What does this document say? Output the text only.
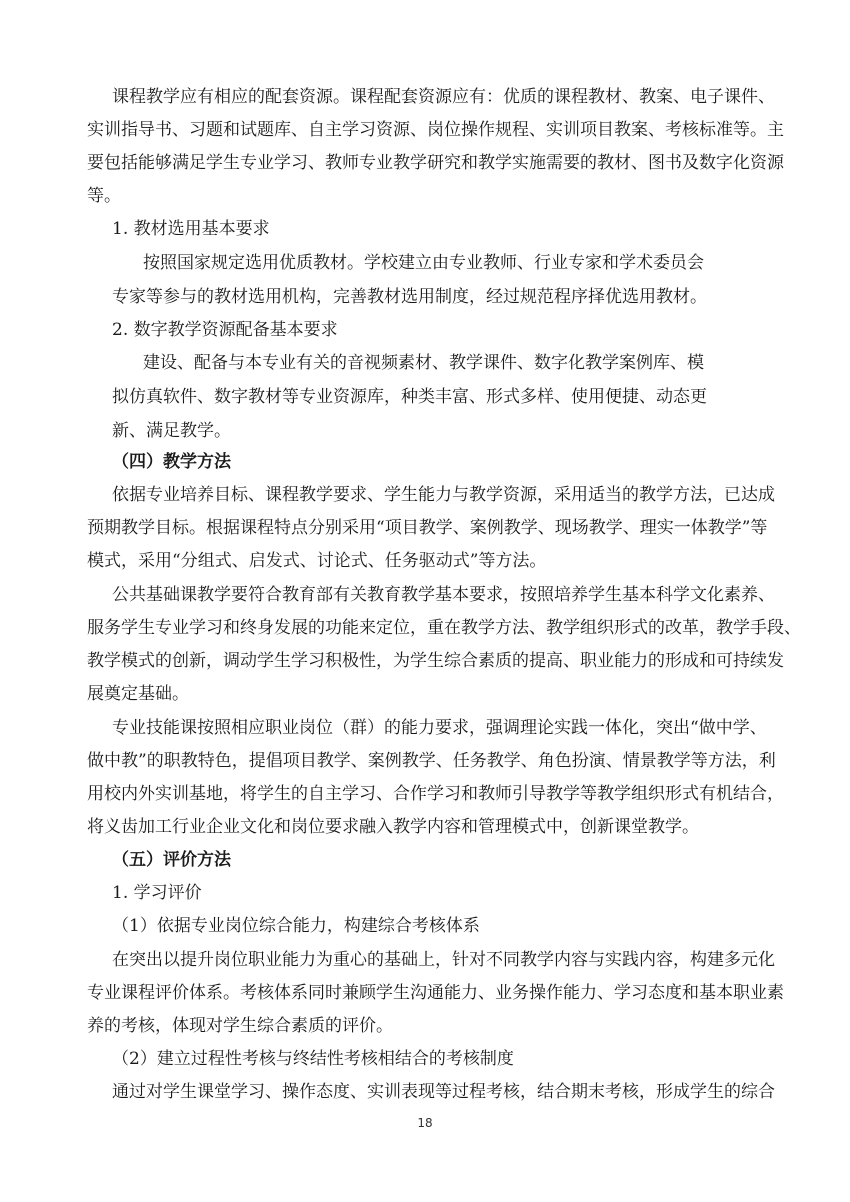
课程教学应有相应的配套资源。课程配套资源应有：优质的课程教材、教案、电子课件、
实训指导书、习题和试题库、自主学习资源、岗位操作规程、实训项目教案、考核标准等。主
要包括能够满足学生专业学习、教师专业教学研究和教学实施需要的教材、图书及数字化资源
等。
1. 教材选用基本要求
按照国家规定选用优质教材。学校建立由专业教师、行业专家和学术委员会
专家等参与的教材选用机构，完善教材选用制度，经过规范程序择优选用教材。
2. 数字教学资源配备基本要求
建设、配备与本专业有关的音视频素材、教学课件、数字化教学案例库、模
拟仿真软件、数字教材等专业资源库，种类丰富、形式多样、使用便捷、动态更
新、满足教学。
（四）教学方法
依据专业培养目标、课程教学要求、学生能力与教学资源，采用适当的教学方法，已达成
预期教学目标。根据课程特点分别采用“项目教学、案例教学、现场教学、理实一体教学”等
模式，采用“分组式、启发式、讨论式、任务驱动式”等方法。
公共基础课教学要符合教育部有关教育教学基本要求，按照培养学生基本科学文化素养、
服务学生专业学习和终身发展的功能来定位，重在教学方法、教学组织形式的改革，教学手段、
教学模式的创新，调动学生学习积极性，为学生综合素质的提高、职业能力的形成和可持续发
展奠定基础。
专业技能课按照相应职业岗位（群）的能力要求，强调理论实践一体化，突出“做中学、
做中教”的职教特色，提倡项目教学、案例教学、任务教学、角色扮演、情景教学等方法，利
用校内外实训基地，将学生的自主学习、合作学习和教师引导教学等教学组织形式有机结合，
将义齿加工行业企业文化和岗位要求融入教学内容和管理模式中，创新课堂教学。
（五）评价方法
1. 学习评价
（1）依据专业岗位综合能力，构建综合考核体系
在突出以提升岗位职业能力为重心的基础上，针对不同教学内容与实践内容，构建多元化
专业课程评价体系。考核体系同时兼顾学生沟通能力、业务操作能力、学习态度和基本职业素
养的考核，体现对学生综合素质的评价。
（2）建立过程性考核与终结性考核相结合的考核制度
通过对学生课堂学习、操作态度、实训表现等过程考核，结合期末考核，形成学生的综合
18
